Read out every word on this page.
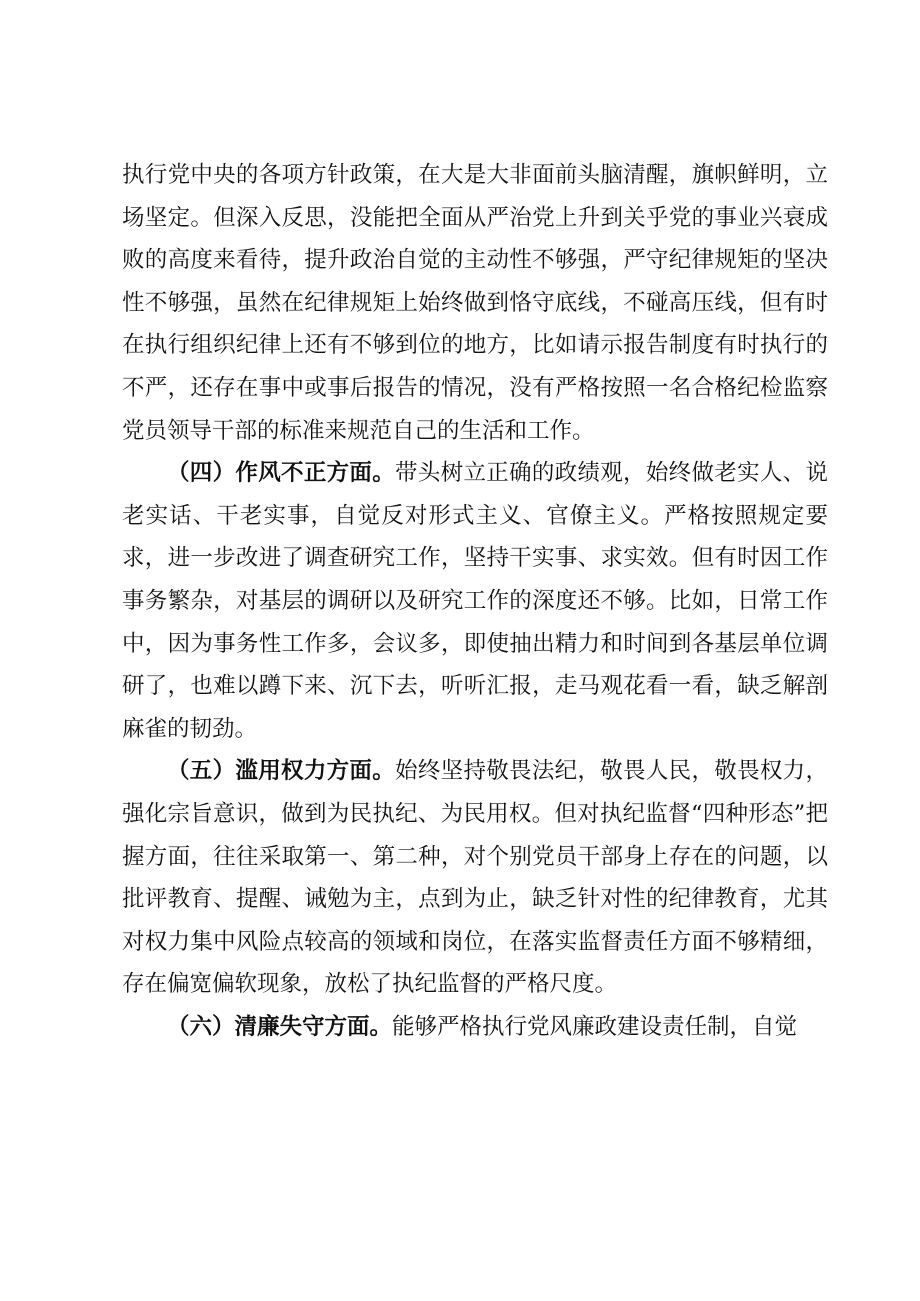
执行党中央的各项方针政策，在大是大非面前头脑清醒，旗帜鲜明，立场坚定。但深入反思，没能把全面从严治党上升到关乎党的事业兴衰成败的高度来看待，提升政治自觉的主动性不够强，严守纪律规矩的坚决性不够强，虽然在纪律规矩上始终做到恪守底线，不碰高压线，但有时在执行组织纪律上还有不够到位的地方，比如请示报告制度有时执行的不严，还存在事中或事后报告的情况，没有严格按照一名合格纪检监察党员领导干部的标准来规范自己的生活和工作。

（四）作风不正方面。带头树立正确的政绩观，始终做老实人、说老实话、干老实事，自觉反对形式主义、官僚主义。严格按照规定要求，进一步改进了调查研究工作，坚持干实事、求实效。但有时因工作事务繁杂，对基层的调研以及研究工作的深度还不够。比如，日常工作中，因为事务性工作多，会议多，即使抽出精力和时间到各基层单位调研了，也难以蹲下来、沉下去，听听汇报，走马观花看一看，缺乏解剖麻雀的韧劲。

（五）滥用权力方面。始终坚持敬畏法纪，敬畏人民，敬畏权力，强化宗旨意识，做到为民执纪、为民用权。但对执纪监督“四种形态”把握方面，往往采取第一、第二种，对个别党员干部身上存在的问题，以批评教育、提醒、诫勉为主，点到为止，缺乏针对性的纪律教育，尤其对权力集中风险点较高的领域和岗位，在落实监督责任方面不够精细，存在偏宽偏软现象，放松了执纪监督的严格尺度。

（六）清廉失守方面。能够严格执行党风廉政建设责任制，自觉
